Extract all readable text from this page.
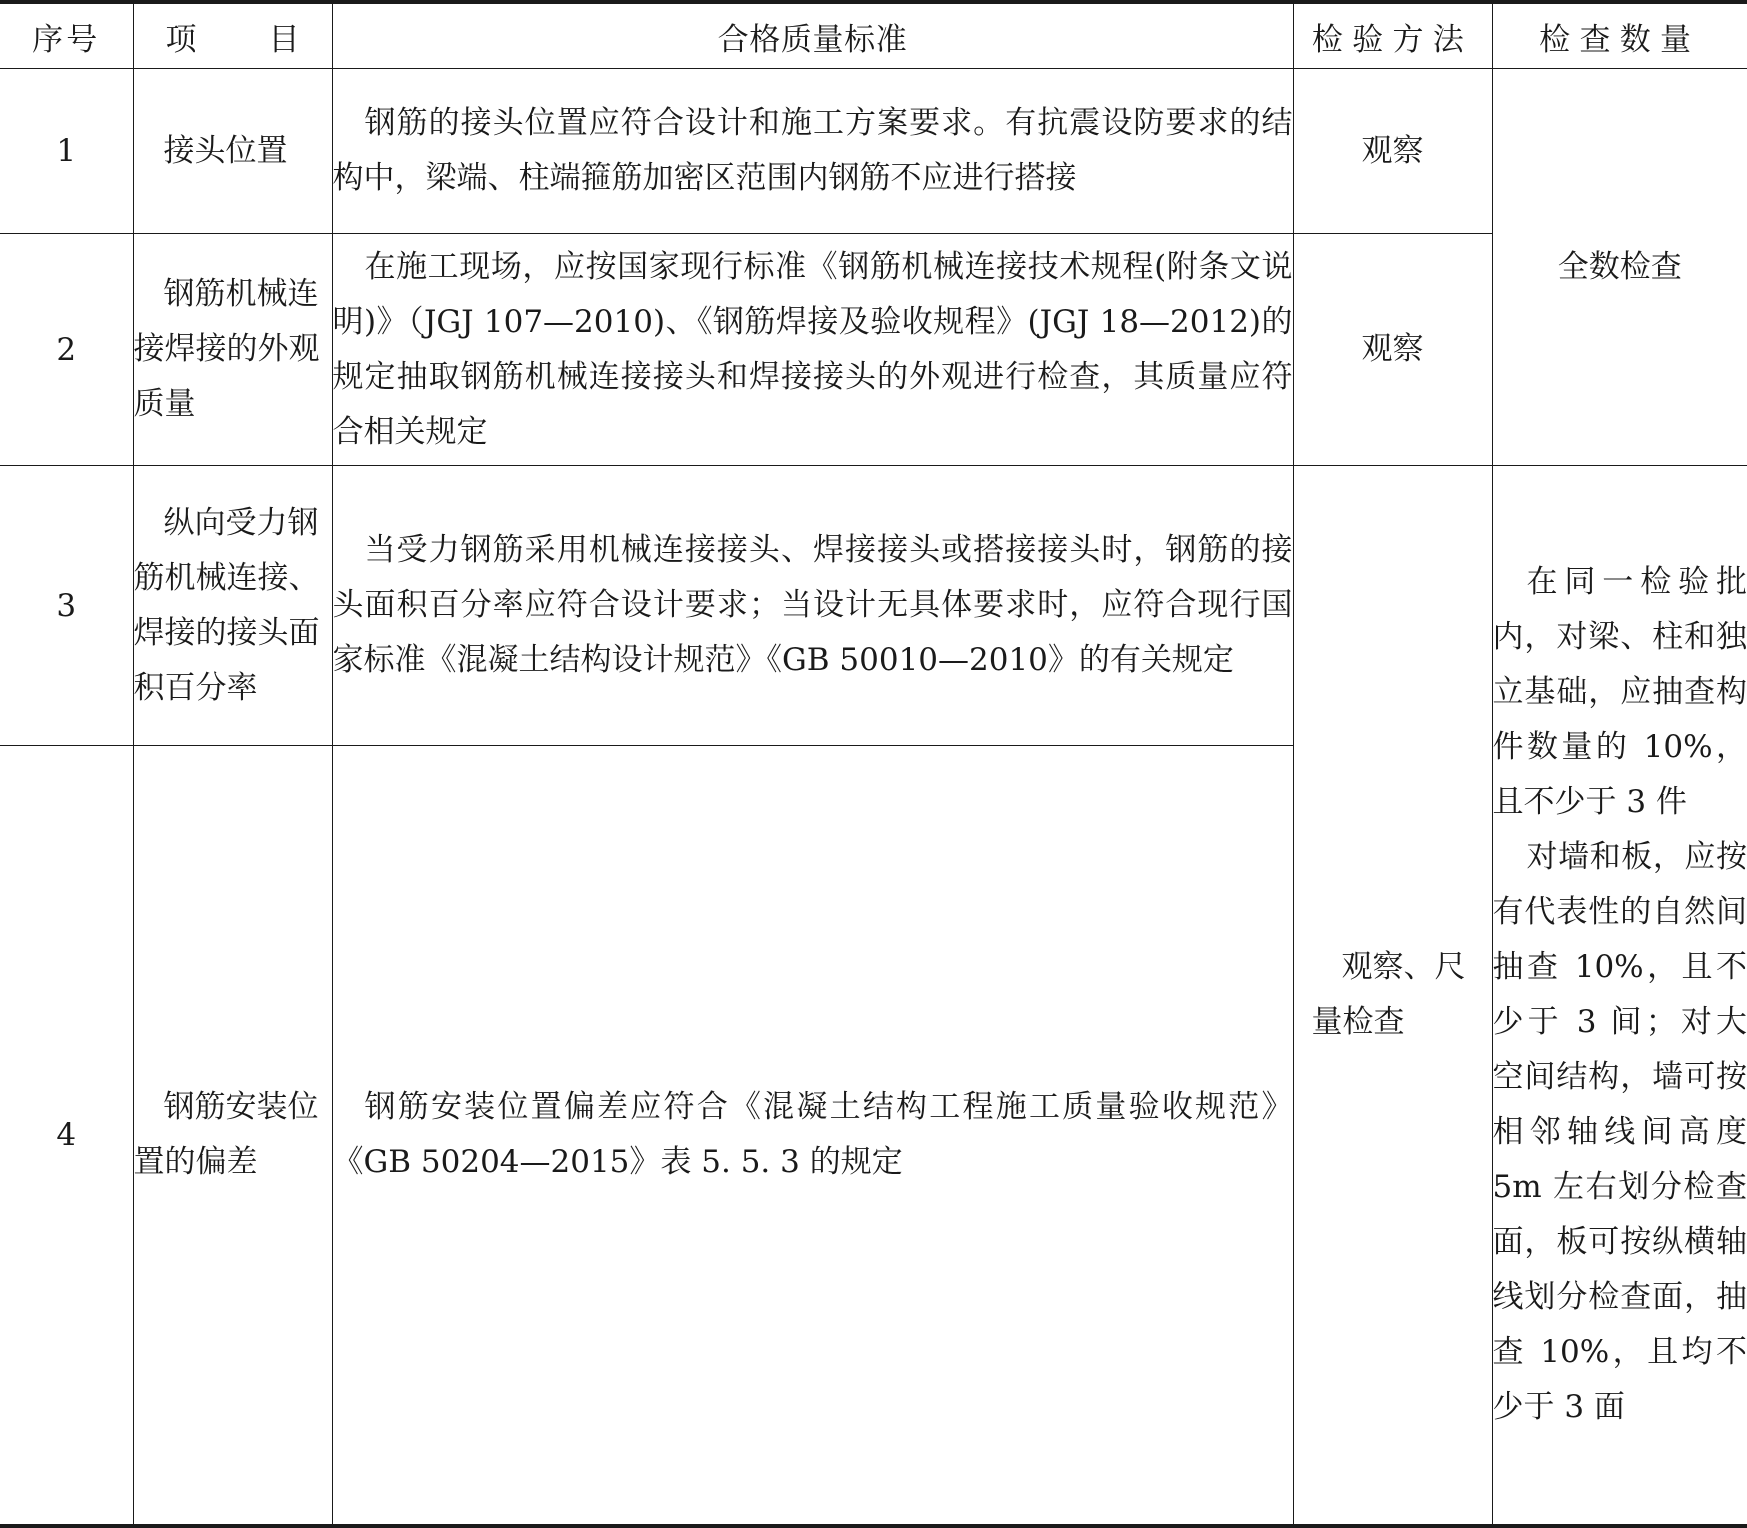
序号	项 目	合格质量标准	检验方法	检查数量
1	接头位置	钢筋的接头位置应符合设计和施工方案要求。有抗震设防要求的结构中，梁端、柱端箍筋加密区范围内钢筋不应进行搭接	观察	全数检查
2	钢筋机械连接焊接的外观质量	在施工现场，应按国家现行标准《钢筋机械连接技术规程(附条文说明)》（JGJ 107—2010)、《钢筋焊接及验收规程》(JGJ 18—2012)的规定抽取钢筋机械连接接头和焊接接头的外观进行检查，其质量应符合相关规定	观察	
3	纵向受力钢筋机械连接、焊接的接头面积百分率	当受力钢筋采用机械连接接头、焊接接头或搭接接头时，钢筋的接头面积百分率应符合设计要求；当设计无具体要求时，应符合现行国家标准《混凝土结构设计规范》《GB 50010—2010》的有关规定	观察、尺量检查	在同一检验批内，对梁、柱和独立基础，应抽查构件数量的 10%，且不少于 3 件

对墙和板，应按有代表性的自然间抽查 10%，且不少于 3 间；对大空间结构，墙可按相邻轴线间高度 5m 左右划分检查面，板可按纵横轴线划分检查面，抽查 10%，且均不少于 3 面

4	钢筋安装位置的偏差	钢筋安装位置偏差应符合《混凝土结构工程施工质量验收规范》《GB 50204—2015》表 5. 5. 3 的规定		
